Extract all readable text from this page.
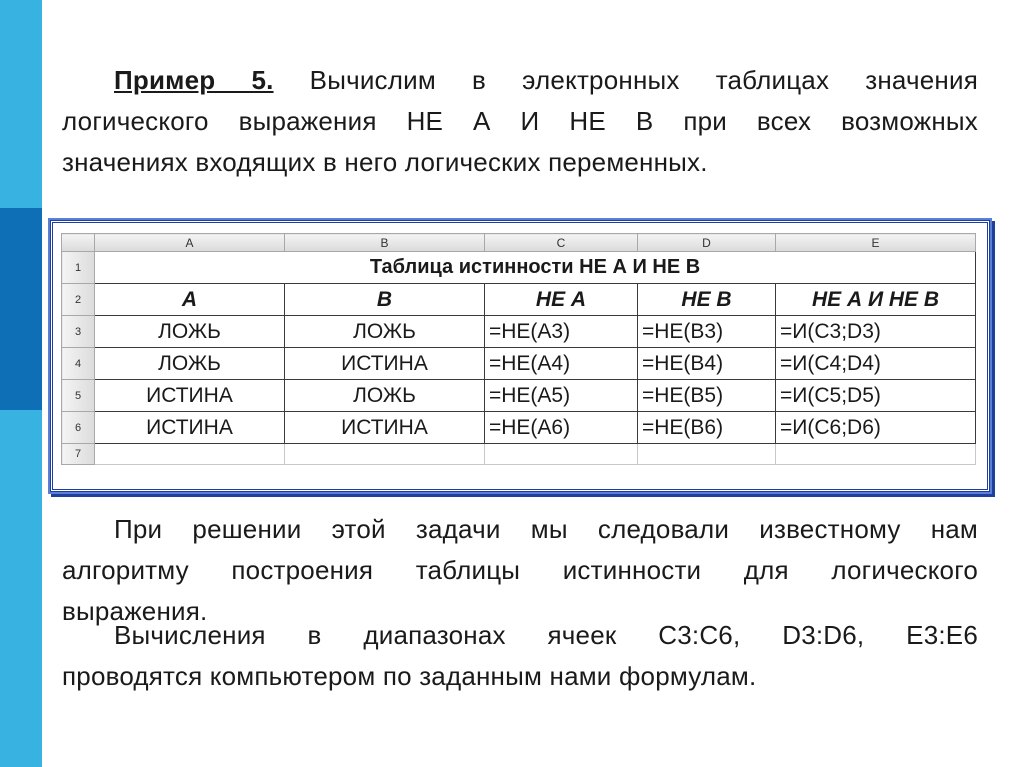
Пример 5. Вычислим в электронных таблицах значения
логического выражения НЕ А И НЕ В при всех возможных
значениях входящих в него логических переменных.
	A	B	C	D	E
1	Таблица истинности НЕ А И НЕ В				
2	А	В	НЕ А	НЕ В	НЕ А И НЕ В
3	ЛОЖЬ	ЛОЖЬ	=НЕ(A3)	=НЕ(B3)	=И(C3;D3)
4	ЛОЖЬ	ИСТИНА	=НЕ(A4)	=НЕ(B4)	=И(C4;D4)
5	ИСТИНА	ЛОЖЬ	=НЕ(A5)	=НЕ(B5)	=И(C5;D5)
6	ИСТИНА	ИСТИНА	=НЕ(A6)	=НЕ(B6)	=И(C6;D6)
7					
При решении этой задачи мы следовали известному нам
алгоритму построения таблицы истинности для логического
выражения.
Вычисления в диапазонах ячеек C3:C6, D3:D6, E3:E6
проводятся компьютером по заданным нами формулам.
